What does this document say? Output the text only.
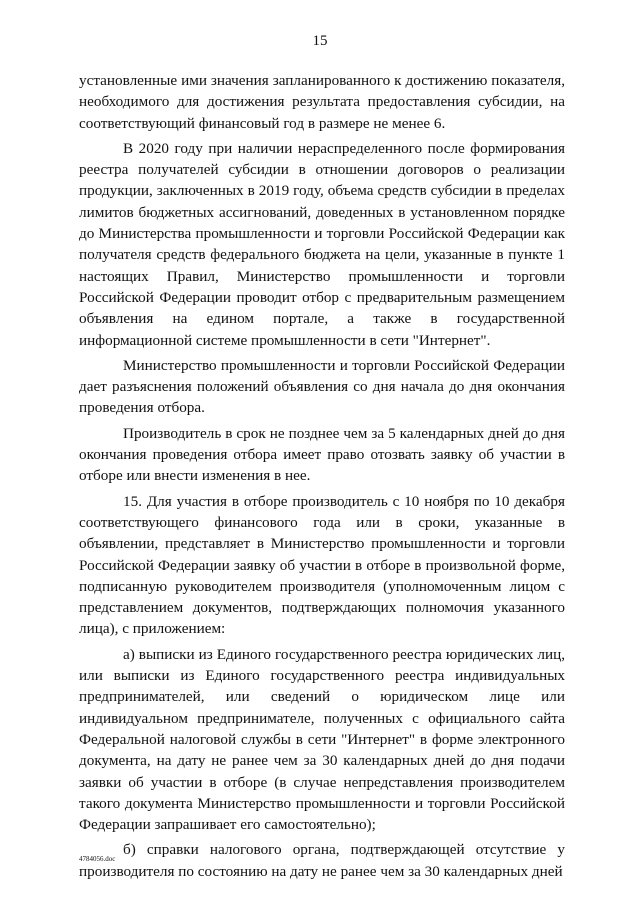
15

установленные ими значения запланированного к достижению показателя, необходимого для достижения результата предоставления субсидии, на соответствующий финансовый год в размере не менее 6.

В 2020 году при наличии нераспределенного после формирования реестра получателей субсидии в отношении договоров о реализации продукции, заключенных в 2019 году, объема средств субсидии в пределах лимитов бюджетных ассигнований, доведенных в установленном порядке до Министерства промышленности и торговли Российской Федерации как получателя средств федерального бюджета на цели, указанные в пункте 1 настоящих Правил, Министерство промышленности и торговли Российской Федерации проводит отбор с предварительным размещением объявления на едином портале, а также в государственной информационной системе промышленности в сети "Интернет".

Министерство промышленности и торговли Российской Федерации дает разъяснения положений объявления со дня начала до дня окончания проведения отбора.

Производитель в срок не позднее чем за 5 календарных дней до дня окончания проведения отбора имеет право отозвать заявку об участии в отборе или внести изменения в нее.

15. Для участия в отборе производитель с 10 ноября по 10 декабря соответствующего финансового года или в сроки, указанные в объявлении, представляет в Министерство промышленности и торговли Российской Федерации заявку об участии в отборе в произвольной форме, подписанную руководителем производителя (уполномоченным лицом с представлением документов, подтверждающих полномочия указанного лица), с приложением:

а) выписки из Единого государственного реестра юридических лиц, или выписки из Единого государственного реестра индивидуальных предпринимателей, или сведений о юридическом лице или индивидуальном предпринимателе, полученных с официального сайта Федеральной налоговой службы в сети "Интернет" в форме электронного документа, на дату не ранее чем за 30 календарных дней до дня подачи заявки об участии в отборе (в случае непредставления производителем такого документа Министерство промышленности и торговли Российской Федерации запрашивает его самостоятельно);

б) справки налогового органа, подтверждающей отсутствие у производителя по состоянию на дату не ранее чем за 30 календарных дней

4784056.doc
